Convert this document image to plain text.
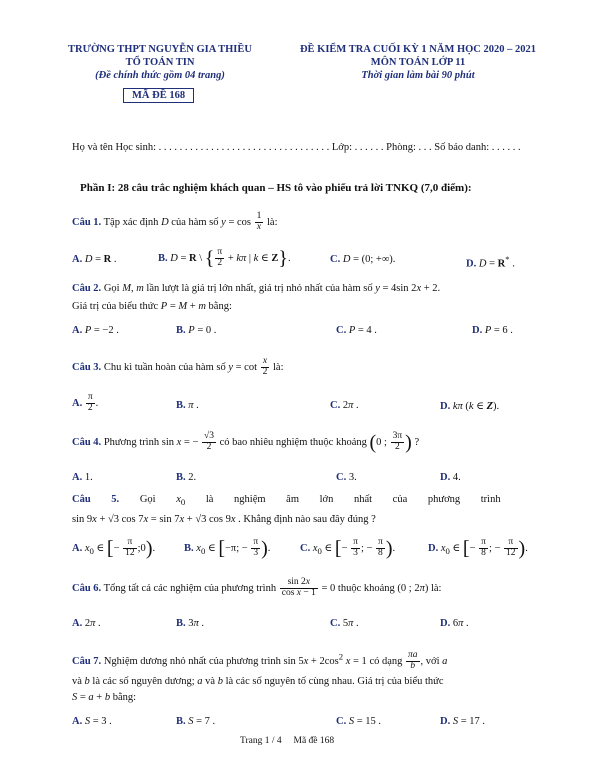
TRƯỜNG THPT NGUYỄN GIA THIỀU
TỔ TOÁN TIN
(Đề chính thức gồm 04 trang)
MÃ ĐỀ 168
ĐỀ KIỂM TRA CUỐI KỲ 1 NĂM HỌC 2020 – 2021
MÔN TOÁN LỚP 11
Thời gian làm bài 90 phút
Họ và tên Học sinh: . . . . . . . . . . . . . . . . . . . . . . . . . . . . . . . . . Lớp: . . . . . . Phòng: . . . Số báo danh: . . . . . .
Phần I: 28 câu trắc nghiệm khách quan – HS tô vào phiếu trả lời TNKQ (7,0 điểm):
Câu 1. Tập xác định D của hàm số $y = \cos \frac{1}{x}$ là:
A. D = R .	B. D = R \ { $\frac{\pi}{2} + k\pi$ | k ∈ Z}.	C. D = (0; +∞).	D. D = R* .
Câu 2. Gọi M, m lần lượt là giá trị lớn nhất, giá trị nhỏ nhất của hàm số y = 4sin 2x + 2.
Giá trị của biểu thức P = M + m bằng:
A. P = −2 .	B. P = 0 .	C. P = 4 .	D. P = 6 .
Câu 3. Chu kì tuần hoàn của hàm số $y = \cot \frac{x}{2}$ là:
A. $\frac{\pi}{2}$ .	B. π .	C. 2π .	D. kπ (k ∈ Z).
Câu 4. Phương trình sin x = − $\frac{√3}{2}$ có bao nhiêu nghiệm thuộc khoảng (0 ; $\frac{3\pi}{2}$ ) ?
A. 1.	B. 2.	C. 3.	D. 4.
Câu 5. Gọi $x_0$ là nghiệm âm lớn nhất của phương trình
sin 9x + √3 cos 7x = sin 7x + √3 cos 9x . Khẳng định nào sau đây đúng ?
A. $x_0$ ∈ [− $\frac{\pi}{12}$ ;0).	B. $x_0$ ∈ [−π; − $\frac{\pi}{3}$ ).	C. $x_0$ ∈ [− $\frac{\pi}{3}$ ; − $\frac{\pi}{8}$ ).	D. $x_0$ ∈ [− $\frac{\pi}{8}$ ; − $\frac{\pi}{12}$ ).
Câu 6. Tổng tất cả các nghiệm của phương trình $\frac{\sin 2x}{\text{cos x − 1}} = 0$ thuộc khoảng (0 ; 2π) là:
A. 2π .	B. 3π .	C. 5π .	D. 6π .
Câu 7. Nghiệm dương nhỏ nhất của phương trình $\sin 5x + 2\cos^2$ x = 1 có dạng $\frac{\pi a}{b}$ , với a
và b là các số nguyên dương; a và b là các số nguyên tố cùng nhau. Giá trị của biểu thức
S = a + b bằng:
A. S = 3 .	B. S = 7 .	C. S = 15 .	D. S = 17 .
Trang 1 / 4 Mã đề 168
